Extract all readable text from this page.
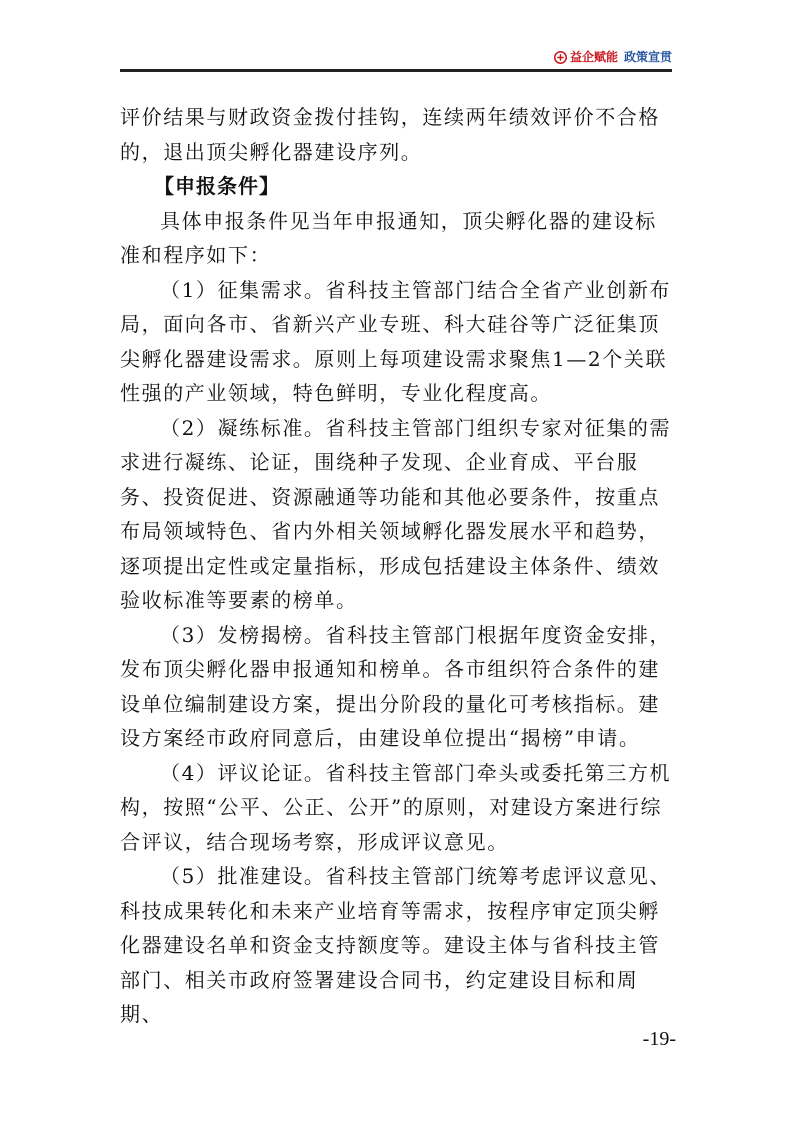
益企赋能 政策宣贯

评价结果与财政资金拨付挂钩，连续两年绩效评价不合格的，退出顶尖孵化器建设序列。

【申报条件】

具体申报条件见当年申报通知，顶尖孵化器的建设标准和程序如下：

（1）征集需求。省科技主管部门结合全省产业创新布局，面向各市、省新兴产业专班、科大硅谷等广泛征集顶尖孵化器建设需求。原则上每项建设需求聚焦1—2个关联性强的产业领域，特色鲜明，专业化程度高。

（2）凝练标准。省科技主管部门组织专家对征集的需求进行凝练、论证，围绕种子发现、企业育成、平台服务、投资促进、资源融通等功能和其他必要条件，按重点布局领域特色、省内外相关领域孵化器发展水平和趋势，逐项提出定性或定量指标，形成包括建设主体条件、绩效验收标准等要素的榜单。

（3）发榜揭榜。省科技主管部门根据年度资金安排，发布顶尖孵化器申报通知和榜单。各市组织符合条件的建设单位编制建设方案，提出分阶段的量化可考核指标。建设方案经市政府同意后，由建设单位提出“揭榜”申请。

（4）评议论证。省科技主管部门牵头或委托第三方机构，按照“公平、公正、公开”的原则，对建设方案进行综合评议，结合现场考察，形成评议意见。

（5）批准建设。省科技主管部门统筹考虑评议意见、科技成果转化和未来产业培育等需求，按程序审定顶尖孵化器建设名单和资金支持额度等。建设主体与省科技主管部门、相关市政府签署建设合同书，约定建设目标和周期、

-19-
